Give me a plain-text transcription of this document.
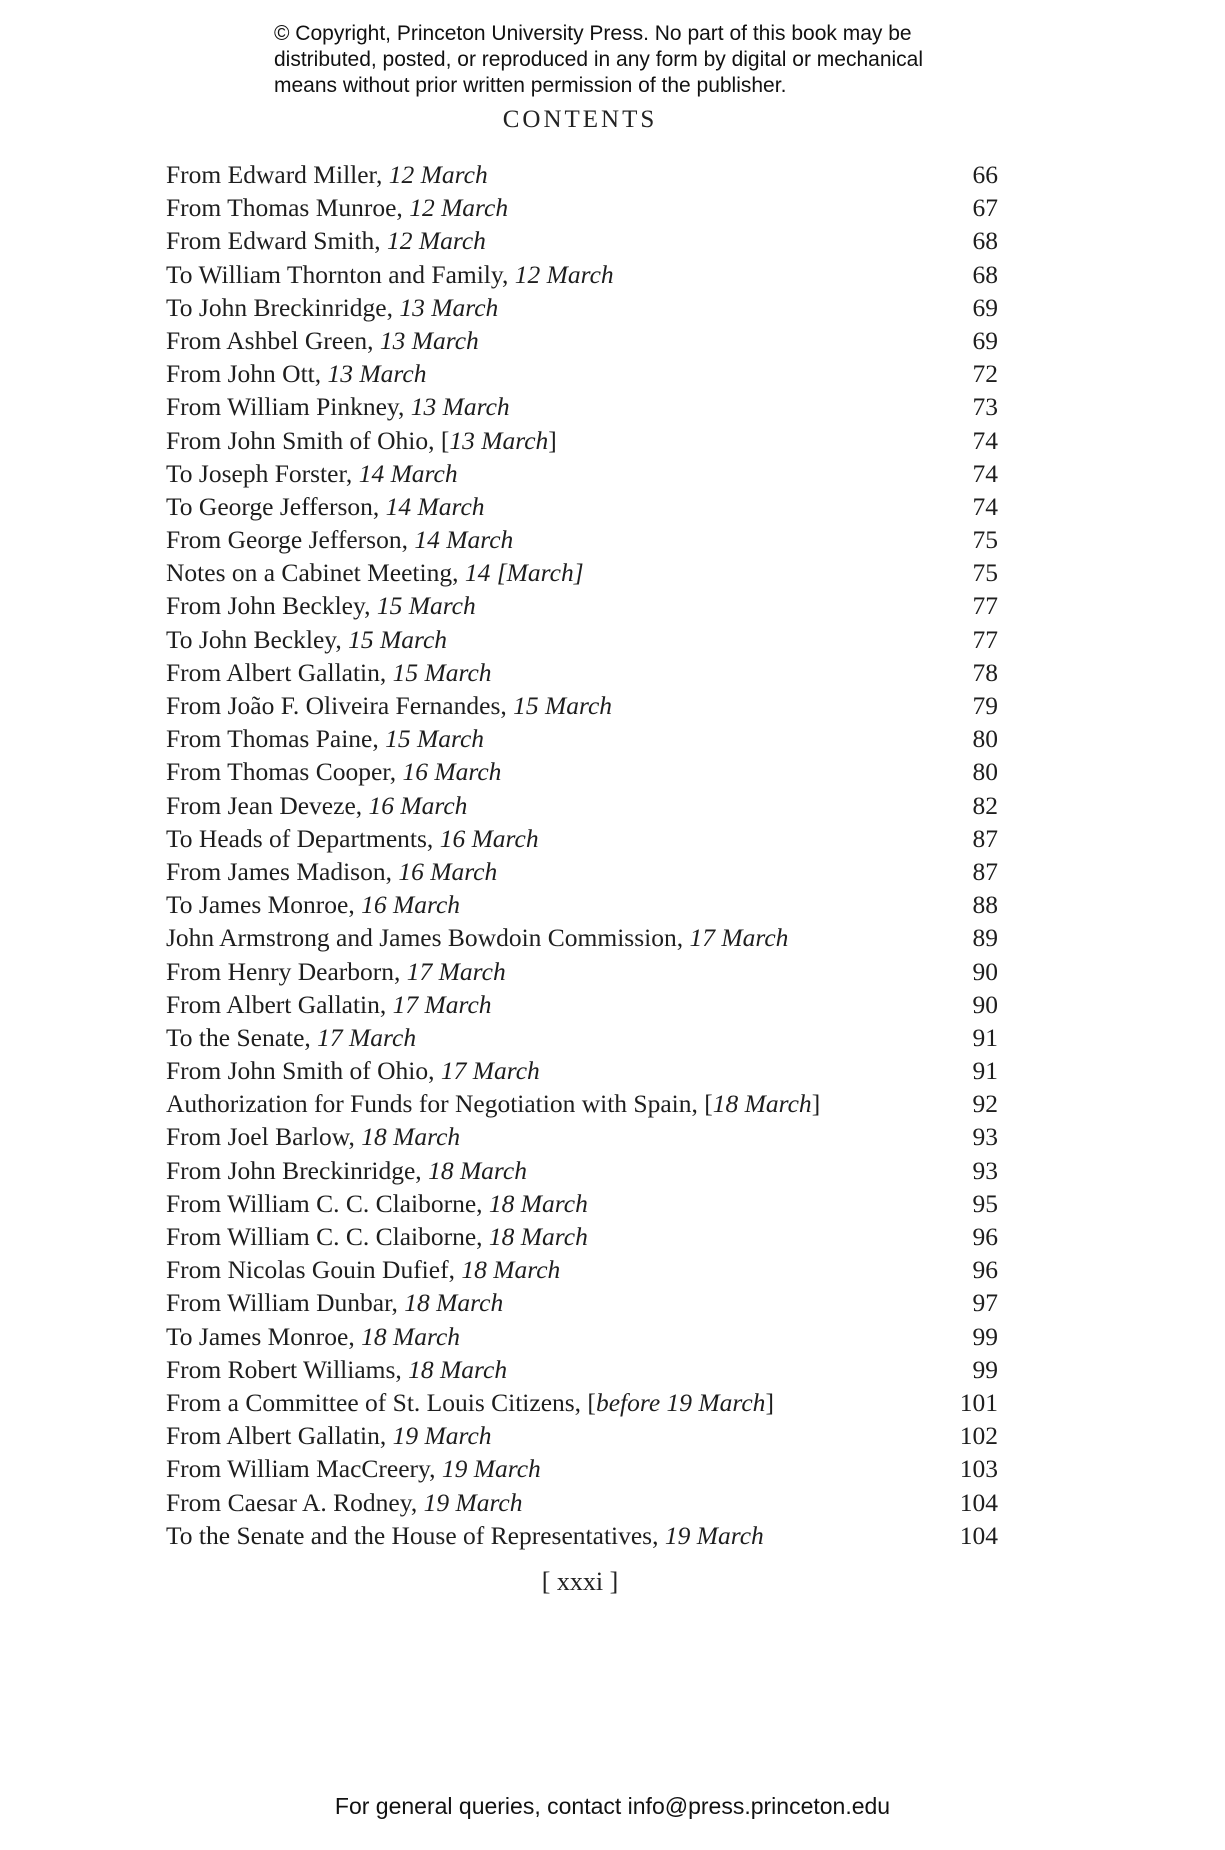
© Copyright, Princeton University Press. No part of this book may be
distributed, posted, or reproduced in any form by digital or mechanical
means without prior written permission of the publisher.
CONTENTS
From Edward Miller, 12 March	66
From Thomas Munroe, 12 March	67
From Edward Smith, 12 March	68
To William Thornton and Family, 12 March	68
To John Breckinridge, 13 March	69
From Ashbel Green, 13 March	69
From John Ott, 13 March	72
From William Pinkney, 13 March	73
From John Smith of Ohio, [13 March]	74
To Joseph Forster, 14 March	74
To George Jefferson, 14 March	74
From George Jefferson, 14 March	75
Notes on a Cabinet Meeting, 14 [March]	75
From John Beckley, 15 March	77
To John Beckley, 15 March	77
From Albert Gallatin, 15 March	78
From João F. Oliveira Fernandes, 15 March	79
From Thomas Paine, 15 March	80
From Thomas Cooper, 16 March	80
From Jean Deveze, 16 March	82
To Heads of Departments, 16 March	87
From James Madison, 16 March	87
To James Monroe, 16 March	88
John Armstrong and James Bowdoin Commission, 17 March	89
From Henry Dearborn, 17 March	90
From Albert Gallatin, 17 March	90
To the Senate, 17 March	91
From John Smith of Ohio, 17 March	91
Authorization for Funds for Negotiation with Spain, [18 March]	92
From Joel Barlow, 18 March	93
From John Breckinridge, 18 March	93
From William C. C. Claiborne, 18 March	95
From William C. C. Claiborne, 18 March	96
From Nicolas Gouin Dufief, 18 March	96
From William Dunbar, 18 March	97
To James Monroe, 18 March	99
From Robert Williams, 18 March	99
From a Committee of St. Louis Citizens, [before 19 March]	101
From Albert Gallatin, 19 March	102
From William MacCreery, 19 March	103
From Caesar A. Rodney, 19 March	104
To the Senate and the House of Representatives, 19 March	104
[ xxxi ]
For general queries, contact info@press.princeton.edu
